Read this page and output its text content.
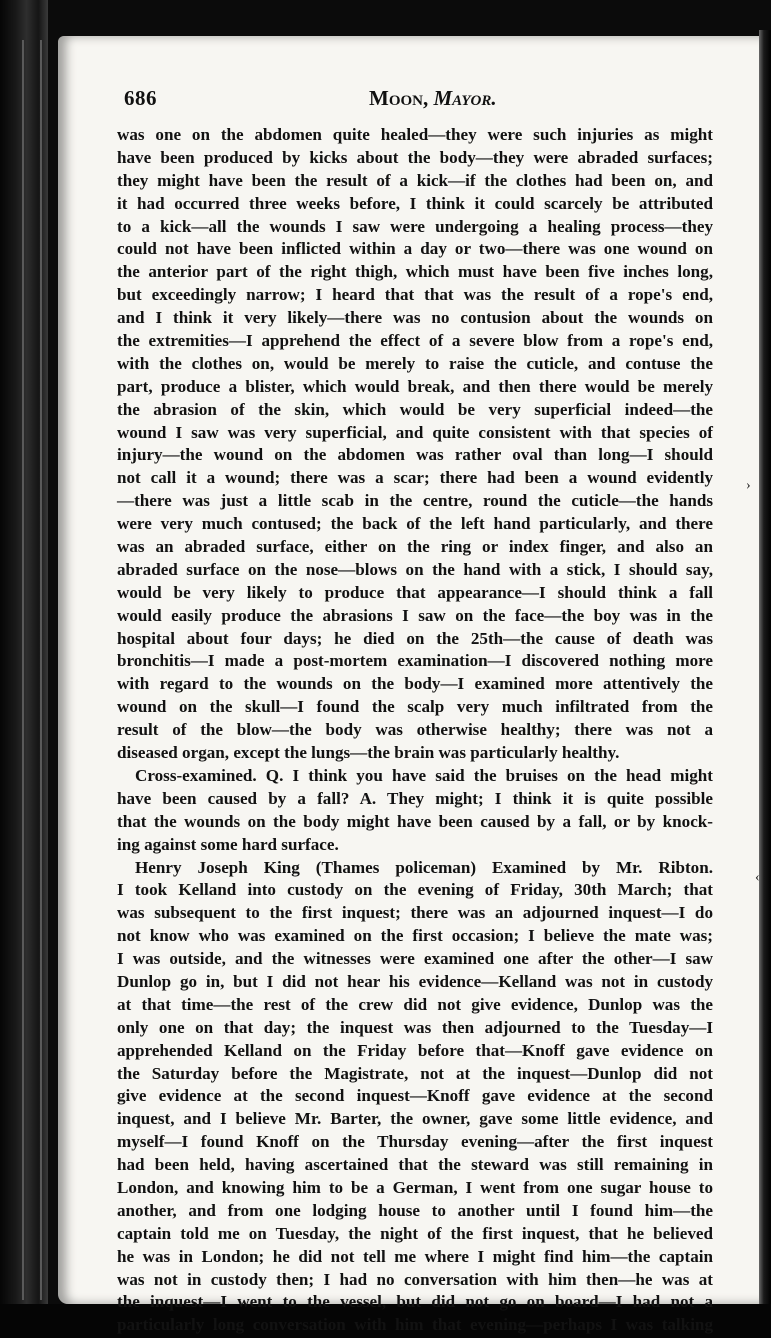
686	Moon, Mayor.
was one on the abdomen quite healed—they were such injuries as might
have been produced by kicks about the body—they were abraded surfaces;
they might have been the result of a kick—if the clothes had been on, and
it had occurred three weeks before, I think it could scarcely be attributed
to a kick—all the wounds I saw were undergoing a healing process—they
could not have been inflicted within a day or two—there was one wound on
the anterior part of the right thigh, which must have been five inches long,
but exceedingly narrow; I heard that that was the result of a rope's end,
and I think it very likely—there was no contusion about the wounds on
the extremities—I apprehend the effect of a severe blow from a rope's end,
with the clothes on, would be merely to raise the cuticle, and contuse the
part, produce a blister, which would break, and then there would be merely
the abrasion of the skin, which would be very superficial indeed—the
wound I saw was very superficial, and quite consistent with that species of
injury—the wound on the abdomen was rather oval than long—I should
not call it a wound; there was a scar; there had been a wound evidently
—there was just a little scab in the centre, round the cuticle—the hands
were very much contused; the back of the left hand particularly, and there
was an abraded surface, either on the ring or index finger, and also an
abraded surface on the nose—blows on the hand with a stick, I should say,
would be very likely to produce that appearance—I should think a fall
would easily produce the abrasions I saw on the face—the boy was in the
hospital about four days; he died on the 25th—the cause of death was
bronchitis—I made a post-mortem examination—I discovered nothing more
with regard to the wounds on the body—I examined more attentively the
wound on the skull—I found the scalp very much infiltrated from the
result of the blow—the body was otherwise healthy; there was not a
diseased organ, except the lungs—the brain was particularly healthy.
Cross-examined. Q. I think you have said the bruises on the head might
have been caused by a fall? A. They might; I think it is quite possible
that the wounds on the body might have been caused by a fall, or by knock-
ing against some hard surface.
Henry Joseph King (Thames policeman) Examined by Mr. Ribton.
I took Kelland into custody on the evening of Friday, 30th March; that
was subsequent to the first inquest; there was an adjourned inquest—I do
not know who was examined on the first occasion; I believe the mate was;
I was outside, and the witnesses were examined one after the other—I saw
Dunlop go in, but I did not hear his evidence—Kelland was not in custody
at that time—the rest of the crew did not give evidence, Dunlop was the
only one on that day; the inquest was then adjourned to the Tuesday—I
apprehended Kelland on the Friday before that—Knoff gave evidence on
the Saturday before the Magistrate, not at the inquest—Dunlop did not
give evidence at the second inquest—Knoff gave evidence at the second
inquest, and I believe Mr. Barter, the owner, gave some little evidence, and
myself—I found Knoff on the Thursday evening—after the first inquest
had been held, having ascertained that the steward was still remaining in
London, and knowing him to be a German, I went from one sugar house to
another, and from one lodging house to another until I found him—the
captain told me on Tuesday, the night of the first inquest, that he believed
he was in London; he did not tell me where I might find him—the captain
was not in custody then; I had no conversation with him then—he was at
the inquest—I went to the vessel, but did not go on board—I had not a
particularly long conversation with him that evening—perhaps I was talking
›
‹
